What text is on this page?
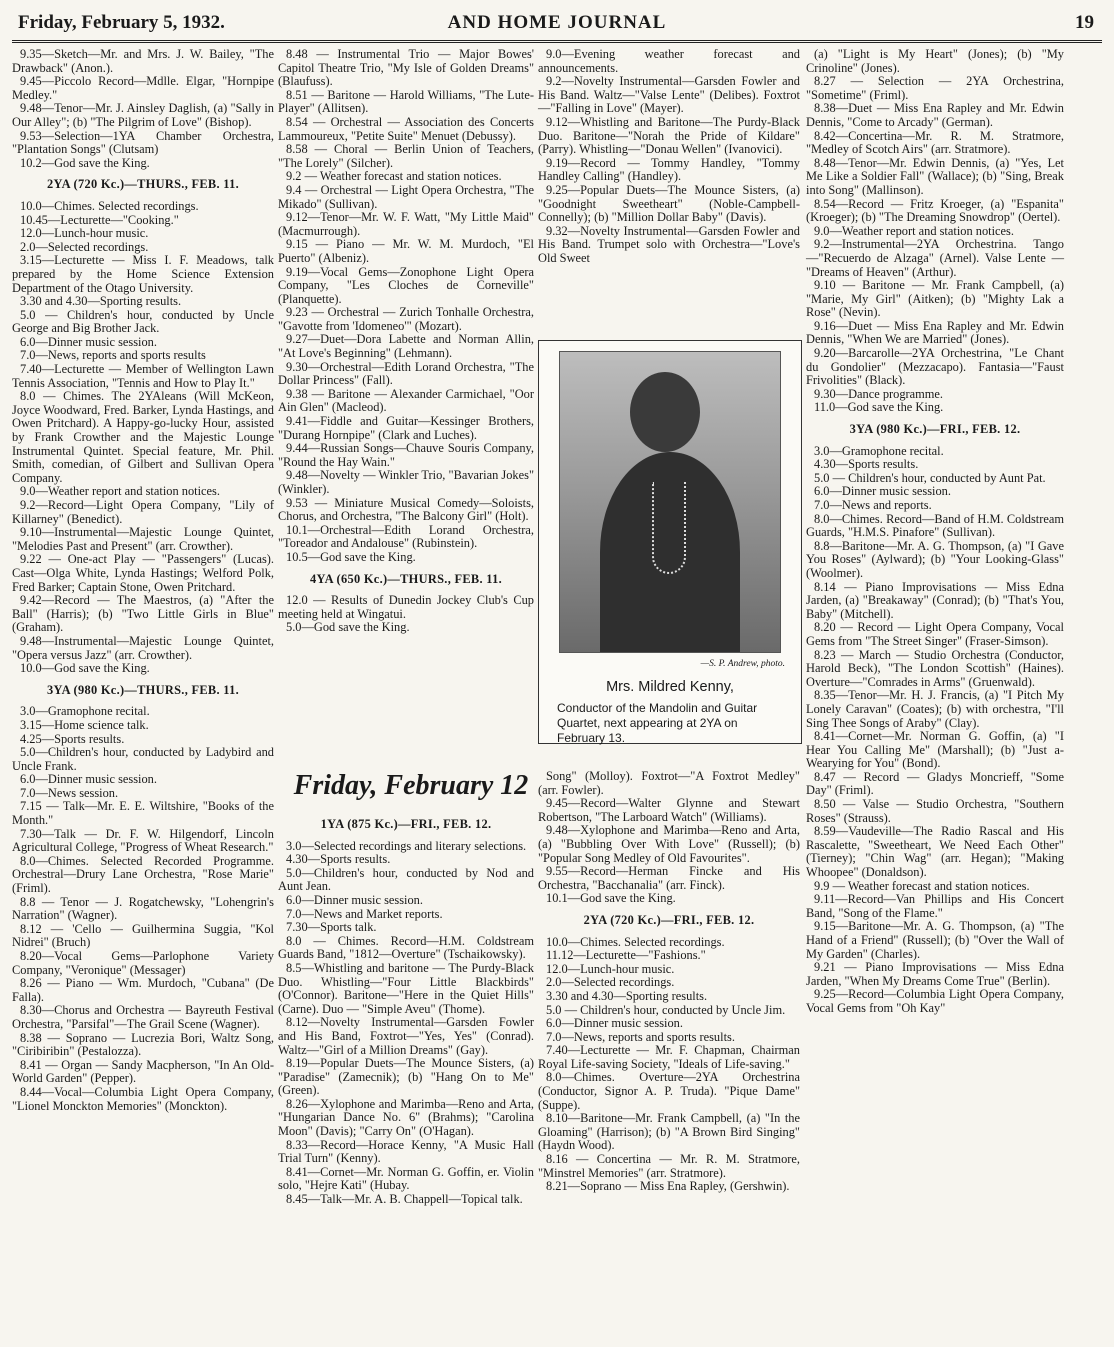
Friday, February 5, 1932.	AND HOME JOURNAL	19

9.35—Sketch—Mr. and Mrs. J. W. Bailey, "The Drawback" (Anon.).

9.45—Piccolo Record—Mdlle. Elgar, "Hornpipe Medley."

9.48—Tenor—Mr. J. Ainsley Daglish, (a) "Sally in Our Alley"; (b) "The Pilgrim of Love" (Bishop).

9.53—Selection—1YA Chamber Orchestra, "Plantation Songs" (Clutsam)

10.2—God save the King.

2YA (720 Kc.)—THURS., FEB. 11.

10.0—Chimes. Selected recordings.

10.45—Lecturette—"Cooking."

12.0—Lunch-hour music.

2.0—Selected recordings.

3.15—Lecturette — Miss I. F. Meadows, talk prepared by the Home Science Extension Department of the Otago University.

3.30 and 4.30—Sporting results.

5.0 — Children's hour, conducted by Uncle George and Big Brother Jack.

6.0—Dinner music session.

7.0—News, reports and sports results

7.40—Lecturette — Member of Wellington Lawn Tennis Association, "Tennis and How to Play It."

8.0 — Chimes. The 2YAleans (Will McKeon, Joyce Woodward, Fred. Barker, Lynda Hastings, and Owen Pritchard). A Happy-go-lucky Hour, assisted by Frank Crowther and the Majestic Lounge Instrumental Quintet. Special feature, Mr. Phil. Smith, comedian, of Gilbert and Sullivan Opera Company.

9.0—Weather report and station notices.

9.2—Record—Light Opera Company, "Lily of Killarney" (Benedict).

9.10—Instrumental—Majestic Lounge Quintet, "Melodies Past and Present" (arr. Crowther).

9.22 — One-act Play — "Passengers" (Lucas). Cast—Olga White, Lynda Hastings; Welford Polk, Fred Barker; Captain Stone, Owen Pritchard.

9.42—Record — The Maestros, (a) "After the Ball" (Harris); (b) "Two Little Girls in Blue" (Graham).

9.48—Instrumental—Majestic Lounge Quintet, "Opera versus Jazz" (arr. Crowther).

10.0—God save the King.

3YA (980 Kc.)—THURS., FEB. 11.

3.0—Gramophone recital.

3.15—Home science talk.

4.25—Sports results.

5.0—Children's hour, conducted by Ladybird and Uncle Frank.

6.0—Dinner music session.

7.0—News session.

7.15 — Talk—Mr. E. E. Wiltshire, "Books of the Month."

7.30—Talk — Dr. F. W. Hilgendorf, Lincoln Agricultural College, "Progress of Wheat Research."

8.0—Chimes. Selected Recorded Programme. Orchestral—Drury Lane Orchestra, "Rose Marie" (Friml).

8.8 — Tenor — J. Rogatchewsky, "Lohengrin's Narration" (Wagner).

8.12 — 'Cello — Guilhermina Suggia, "Kol Nidrei" (Bruch)

8.20—Vocal Gems—Parlophone Variety Company, "Veronique" (Messager)

8.26 — Piano — Wm. Murdoch, "Cubana" (De Falla).

8.30—Chorus and Orchestra — Bayreuth Festival Orchestra, "Parsifal"—The Grail Scene (Wagner).

8.38 — Soprano — Lucrezia Bori, Waltz Song, "Ciribiribin" (Pestalozza).

8.41 — Organ — Sandy Macpherson, "In An Old-World Garden" (Pepper).

8.44—Vocal—Columbia Light Opera Company, "Lionel Monckton Memories" (Monckton).

8.48 — Instrumental Trio — Major Bowes' Capitol Theatre Trio, "My Isle of Golden Dreams" (Blaufuss).

8.51 — Baritone — Harold Williams, "The Lute-Player" (Allitsen).

8.54 — Orchestral — Association des Concerts Lammoureux, "Petite Suite" Menuet (Debussy).

8.58 — Choral — Berlin Union of Teachers, "The Lorely" (Silcher).

9.2 — Weather forecast and station notices.

9.4 — Orchestral — Light Opera Orchestra, "The Mikado" (Sullivan).

9.12—Tenor—Mr. W. F. Watt, "My Little Maid" (Macmurrough).

9.15 — Piano — Mr. W. M. Murdoch, "El Puerto" (Albeniz).

9.19—Vocal Gems—Zonophone Light Opera Company, "Les Cloches de Corneville" (Planquette).

9.23 — Orchestral — Zurich Tonhalle Orchestra, "Gavotte from 'Idomeneo'" (Mozart).

9.27—Duet—Dora Labette and Norman Allin, "At Love's Beginning" (Lehmann).

9.30—Orchestral—Edith Lorand Orchestra, "The Dollar Princess" (Fall).

9.38 — Baritone — Alexander Carmichael, "Oor Ain Glen" (Macleod).

9.41—Fiddle and Guitar—Kessinger Brothers, "Durang Hornpipe" (Clark and Luches).

9.44—Russian Songs—Chauve Souris Company, "Round the Hay Wain."

9.48—Novelty — Winkler Trio, "Bavarian Jokes" (Winkler).

9.53 — Miniature Musical Comedy—Soloists, Chorus, and Orchestra, "The Balcony Girl" (Holt).

10.1—Orchestral—Edith Lorand Orchestra, "Toreador and Andalouse" (Rubinstein).

10.5—God save the King.

4YA (650 Kc.)—THURS., FEB. 11.

12.0 — Results of Dunedin Jockey Club's Cup meeting held at Wingatui.

5.0—God save the King.

Friday, February 12
1YA (875 Kc.)—FRI., FEB. 12.

3.0—Selected recordings and literary selections.

4.30—Sports results.

5.0—Children's hour, conducted by Nod and Aunt Jean.

6.0—Dinner music session.

7.0—News and Market reports.

7.30—Sports talk.

8.0 — Chimes. Record—H.M. Coldstream Guards Band, "1812—Overture" (Tschaikowsky).

8.5—Whistling and baritone — The Purdy-Black Duo. Whistling—"Four Little Blackbirds" (O'Connor). Baritone—"Here in the Quiet Hills" (Carne). Duo — "Simple Aveu" (Thome).

8.12—Novelty Instrumental—Garsden Fowler and His Band, Foxtrot—"Yes, Yes" (Conrad). Waltz—"Girl of a Million Dreams" (Gay).

8.19—Popular Duets—The Mounce Sisters, (a) "Paradise" (Zamecnik); (b) "Hang On to Me" (Green).

8.26—Xylophone and Marimba—Reno and Arta, "Hungarian Dance No. 6" (Brahms); "Carolina Moon" (Davis); "Carry On" (O'Hagan).

8.33—Record—Horace Kenny, "A Music Hall Trial Turn" (Kenny).

8.41—Cornet—Mr. Norman G. Goffin, er. Violin solo, "Hejre Kati" (Hubay.

8.45—Talk—Mr. A. B. Chappell—Topical talk.

9.0—Evening weather forecast and announcements.

9.2—Novelty Instrumental—Garsden Fowler and His Band. Waltz—"Valse Lente" (Delibes). Foxtrot—"Falling in Love" (Mayer).

9.12—Whistling and Baritone—The Purdy-Black Duo. Baritone—"Norah the Pride of Kildare" (Parry). Whistling—"Donau Wellen" (Ivanovici).

9.19—Record — Tommy Handley, "Tommy Handley Calling" (Handley).

9.25—Popular Duets—The Mounce Sisters, (a) "Goodnight Sweetheart" (Noble-Campbell-Connelly); (b) "Million Dollar Baby" (Davis).

9.32—Novelty Instrumental—Garsden Fowler and His Band. Trumpet solo with Orchestra—"Love's Old Sweet

—S. P. Andrew, photo.
Mrs. Mildred Kenny,
Conductor of the Mandolin and Guitar Quartet, next appearing at 2YA on February 13.

Song" (Molloy). Foxtrot—"A Foxtrot Medley" (arr. Fowler).

9.45—Record—Walter Glynne and Stewart Robertson, "The Larboard Watch" (Williams).

9.48—Xylophone and Marimba—Reno and Arta, (a) "Bubbling Over With Love" (Russell); (b) "Popular Song Medley of Old Favourites".

9.55—Record—Herman Fincke and His Orchestra, "Bacchanalia" (arr. Finck).

10.1—God save the King.

2YA (720 Kc.)—FRI., FEB. 12.

10.0—Chimes. Selected recordings.

11.12—Lecturette—"Fashions."

12.0—Lunch-hour music.

2.0—Selected recordings.

3.30 and 4.30—Sporting results.

5.0 — Children's hour, conducted by Uncle Jim.

6.0—Dinner music session.

7.0—News, reports and sports results.

7.40—Lecturette — Mr. F. Chapman, Chairman Royal Life-saving Society, "Ideals of Life-saving."

8.0—Chimes. Overture—2YA Orchestrina (Conductor, Signor A. P. Truda). "Pique Dame" (Suppe).

8.10—Baritone—Mr. Frank Campbell, (a) "In the Gloaming" (Harrison); (b) "A Brown Bird Singing" (Haydn Wood).

8.16 — Concertina — Mr. R. M. Stratmore, "Minstrel Memories" (arr. Stratmore).

8.21—Soprano — Miss Ena Rapley, (Gershwin).

(a) "Light is My Heart" (Jones); (b) "My Crinoline" (Jones).

8.27 — Selection — 2YA Orchestrina, "Sometime" (Friml).

8.38—Duet — Miss Ena Rapley and Mr. Edwin Dennis, "Come to Arcady" (German).

8.42—Concertina—Mr. R. M. Stratmore, "Medley of Scotch Airs" (arr. Stratmore).

8.48—Tenor—Mr. Edwin Dennis, (a) "Yes, Let Me Like a Soldier Fall" (Wallace); (b) "Sing, Break into Song" (Mallinson).

8.54—Record — Fritz Kroeger, (a) "Espanita" (Kroeger); (b) "The Dreaming Snowdrop" (Oertel).

9.0—Weather report and station notices.

9.2—Instrumental—2YA Orchestrina. Tango—"Recuerdo de Alzaga" (Arnel). Valse Lente — "Dreams of Heaven" (Arthur).

9.10 — Baritone — Mr. Frank Campbell, (a) "Marie, My Girl" (Aitken); (b) "Mighty Lak a Rose" (Nevin).

9.16—Duet — Miss Ena Rapley and Mr. Edwin Dennis, "When We are Married" (Jones).

9.20—Barcarolle—2YA Orchestrina, "Le Chant du Gondolier" (Mezzacapo). Fantasia—"Faust Frivolities" (Black).

9.30—Dance programme.

11.0—God save the King.

3YA (980 Kc.)—FRI., FEB. 12.

3.0—Gramophone recital.

4.30—Sports results.

5.0 — Children's hour, conducted by Aunt Pat.

6.0—Dinner music session.

7.0—News and reports.

8.0—Chimes. Record—Band of H.M. Coldstream Guards, "H.M.S. Pinafore" (Sullivan).

8.8—Baritone—Mr. A. G. Thompson, (a) "I Gave You Roses" (Aylward); (b) "Your Looking-Glass" (Woolmer).

8.14 — Piano Improvisations — Miss Edna Jarden, (a) "Breakaway" (Conrad); (b) "That's You, Baby" (Mitchell).

8.20 — Record — Light Opera Company, Vocal Gems from "The Street Singer" (Fraser-Simson).

8.23 — March — Studio Orchestra (Conductor, Harold Beck), "The London Scottish" (Haines). Overture—"Comrades in Arms" (Gruenwald).

8.35—Tenor—Mr. H. J. Francis, (a) "I Pitch My Lonely Caravan" (Coates); (b) with orchestra, "I'll Sing Thee Songs of Araby" (Clay).

8.41—Cornet—Mr. Norman G. Goffin, (a) "I Hear You Calling Me" (Marshall); (b) "Just a-Wearying for You" (Bond).

8.47 — Record — Gladys Moncrieff, "Some Day" (Friml).

8.50 — Valse — Studio Orchestra, "Southern Roses" (Strauss).

8.59—Vaudeville—The Radio Rascal and His Rascalette, "Sweetheart, We Need Each Other" (Tierney); "Chin Wag" (arr. Hegan); "Making Whoopee" (Donaldson).

9.9 — Weather forecast and station notices.

9.11—Record—Van Phillips and His Concert Band, "Song of the Flame."

9.15—Baritone—Mr. A. G. Thompson, (a) "The Hand of a Friend" (Russell); (b) "Over the Wall of My Garden" (Charles).

9.21 — Piano Improvisations — Miss Edna Jarden, "When My Dreams Come True" (Berlin).

9.25—Record—Columbia Light Opera Company, Vocal Gems from "Oh Kay"
